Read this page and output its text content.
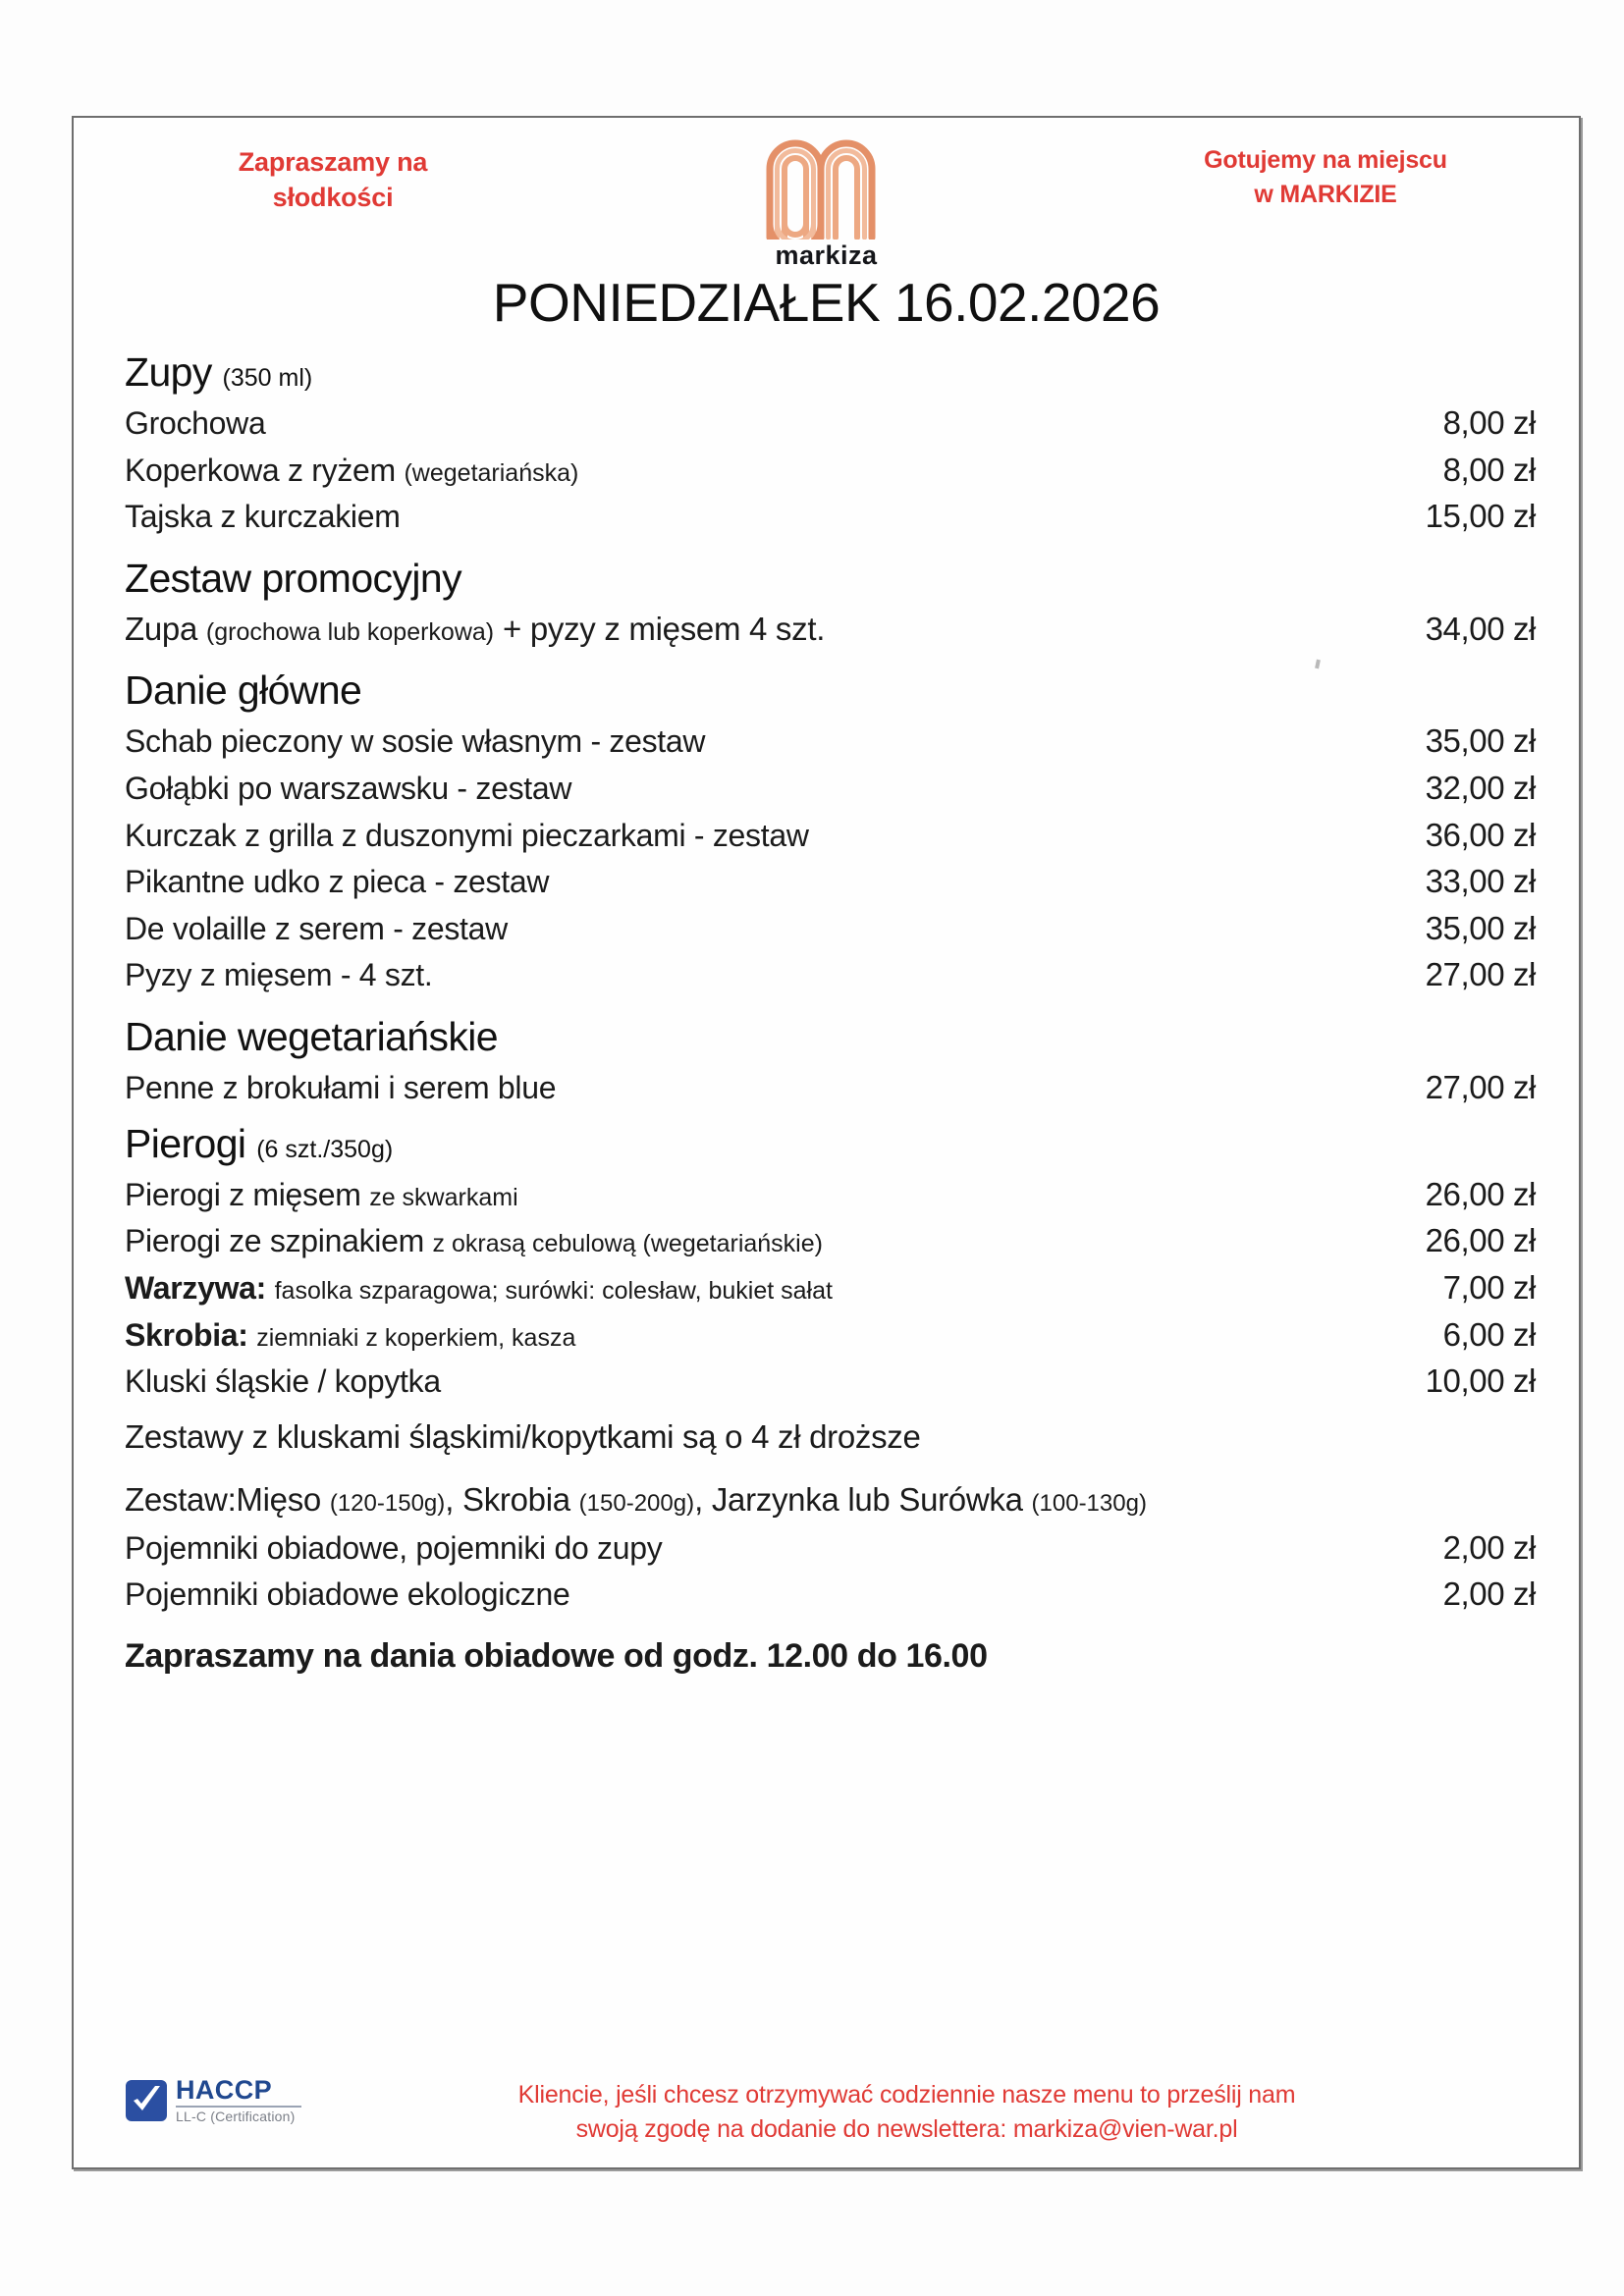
Zapraszamy na
słodkości
markiza
Gotujemy na miejscu
w MARKIZIE
PONIEDZIAŁEK 16.02.2026
Zupy (350 ml)
Grochowa	8,00 zł
Koperkowa z ryżem (wegetariańska)	8,00 zł
Tajska z kurczakiem	15,00 zł
Zestaw promocyjny
Zupa (grochowa lub koperkowa) + pyzy z mięsem 4 szt.	34,00 zł
Danie główne
Schab pieczony w sosie własnym - zestaw	35,00 zł
Gołąbki po warszawsku - zestaw	32,00 zł
Kurczak z grilla z duszonymi pieczarkami - zestaw	36,00 zł
Pikantne udko z pieca - zestaw	33,00 zł
De volaille z serem - zestaw	35,00 zł
Pyzy z mięsem - 4 szt.	27,00 zł
Danie wegetariańskie
Penne z brokułami i serem blue	27,00 zł
Pierogi (6 szt./350g)
Pierogi z mięsem ze skwarkami	26,00 zł
Pierogi ze szpinakiem z okrasą cebulową (wegetariańskie)	26,00 zł
Warzywa: fasolka szparagowa; surówki: colesław, bukiet sałat	7,00 zł
Skrobia: ziemniaki z koperkiem, kasza	6,00 zł
Kluski śląskie / kopytka	10,00 zł
Zestawy z kluskami śląskimi/kopytkami są o 4 zł droższe
Zestaw:Mięso (120-150g), Skrobia (150-200g), Jarzynka lub Surówka (100-130g)
Pojemniki obiadowe, pojemniki do zupy	2,00 zł
Pojemniki obiadowe ekologiczne	2,00 zł
Zapraszamy na dania obiadowe od godz. 12.00 do 16.00
HACCP
LL-C (Certification)
Kliencie, jeśli chcesz otrzymywać codziennie nasze menu to prześlij nam
swoją zgodę na dodanie do newslettera: markiza@vien-war.pl
